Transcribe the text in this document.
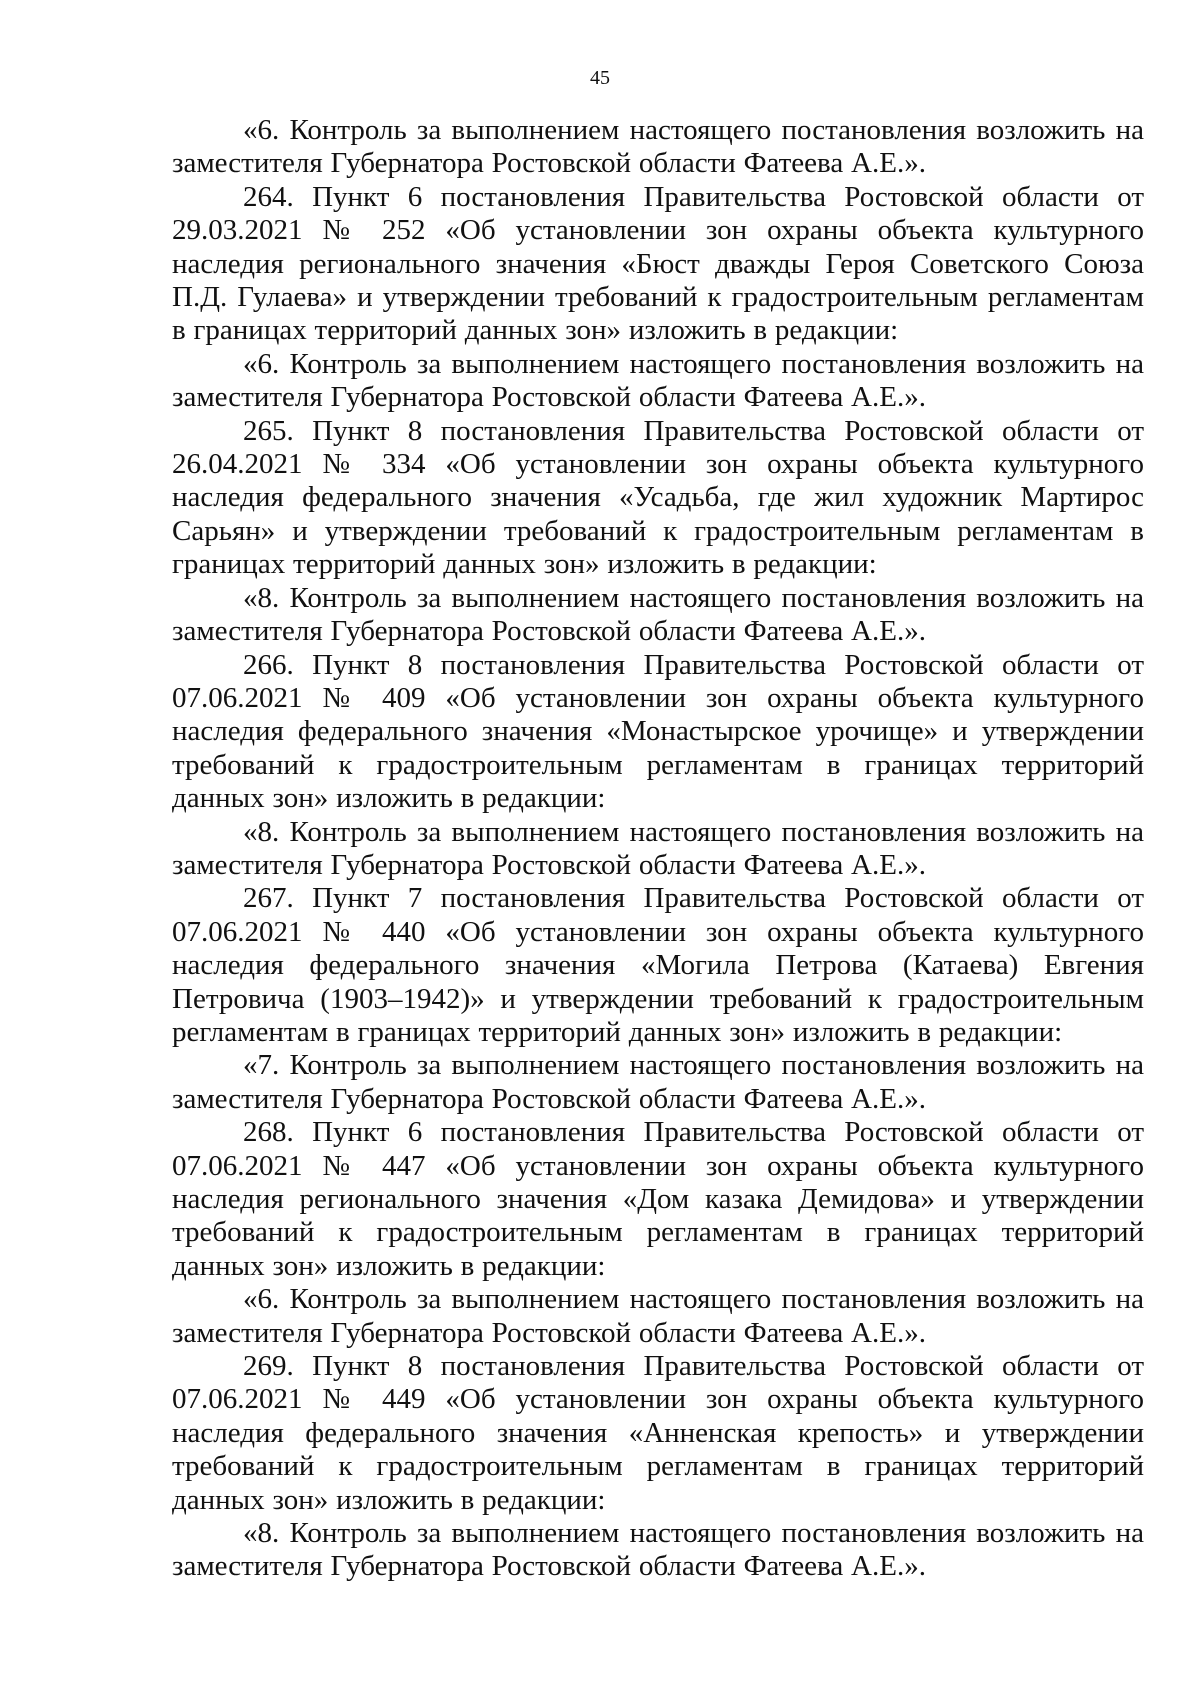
45

«6. Контроль за выполнением настоящего постановления возложить на заместителя Губернатора Ростовской области Фатеева А.Е.».

264. Пункт 6 постановления Правительства Ростовской области от 29.03.2021 № 252 «Об установлении зон охраны объекта культурного наследия регионального значения «Бюст дважды Героя Советского Союза П.Д. Гулаева» и утверждении требований к градостроительным регламентам в границах территорий данных зон» изложить в редакции:

«6. Контроль за выполнением настоящего постановления возложить на заместителя Губернатора Ростовской области Фатеева А.Е.».

265. Пункт 8 постановления Правительства Ростовской области от 26.04.2021 № 334 «Об установлении зон охраны объекта культурного наследия федерального значения «Усадьба, где жил художник Мартирос Сарьян» и утверждении требований к градостроительным регламентам в границах территорий данных зон» изложить в редакции:

«8. Контроль за выполнением настоящего постановления возложить на заместителя Губернатора Ростовской области Фатеева А.Е.».

266. Пункт 8 постановления Правительства Ростовской области от 07.06.2021 № 409 «Об установлении зон охраны объекта культурного наследия федерального значения «Монастырское урочище» и утверждении требований к градостроительным регламентам в границах территорий данных зон» изложить в редакции:

«8. Контроль за выполнением настоящего постановления возложить на заместителя Губернатора Ростовской области Фатеева А.Е.».

267. Пункт 7 постановления Правительства Ростовской области от 07.06.2021 № 440 «Об установлении зон охраны объекта культурного наследия федерального значения «Могила Петрова (Катаева) Евгения Петровича (1903–1942)» и утверждении требований к градостроительным регламентам в границах территорий данных зон» изложить в редакции:

«7. Контроль за выполнением настоящего постановления возложить на заместителя Губернатора Ростовской области Фатеева А.Е.».

268. Пункт 6 постановления Правительства Ростовской области от 07.06.2021 № 447 «Об установлении зон охраны объекта культурного наследия регионального значения «Дом казака Демидова» и утверждении требований к градостроительным регламентам в границах территорий данных зон» изложить в редакции:

«6. Контроль за выполнением настоящего постановления возложить на заместителя Губернатора Ростовской области Фатеева А.Е.».

269. Пункт 8 постановления Правительства Ростовской области от 07.06.2021 № 449 «Об установлении зон охраны объекта культурного наследия федерального значения «Анненская крепость» и утверждении требований к градостроительным регламентам в границах территорий данных зон» изложить в редакции:

«8. Контроль за выполнением настоящего постановления возложить на заместителя Губернатора Ростовской области Фатеева А.Е.».
